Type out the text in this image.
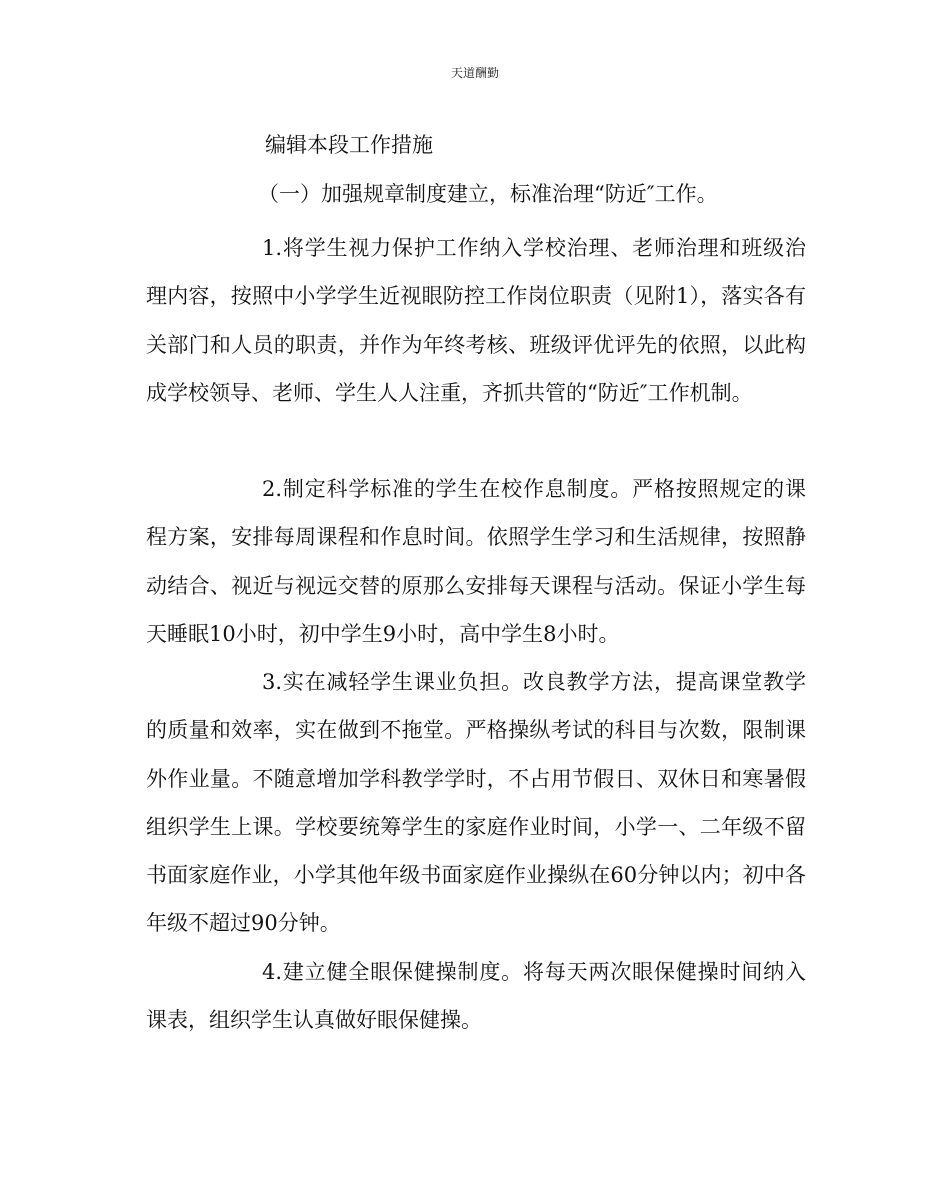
天道酬勤
编辑本段工作措施
（一）加强规章制度建立，标准治理“防近″工作。

1.将学生视力保护工作纳入学校治理、老师治理和班级治理内容，按照中小学学生近视眼防控工作岗位职责（见附1），落实各有关部门和人员的职责，并作为年终考核、班级评优评先的依照，以此构成学校领导、老师、学生人人注重，齐抓共管的“防近″工作机制。

2.制定科学标准的学生在校作息制度。严格按照规定的课程方案，安排每周课程和作息时间。依照学生学习和生活规律，按照静动结合、视近与视远交替的原那么安排每天课程与活动。保证小学生每天睡眠10小时，初中学生9小时，高中学生8小时。

3.实在减轻学生课业负担。改良教学方法，提高课堂教学的质量和效率，实在做到不拖堂。严格操纵考试的科目与次数，限制课外作业量。不随意增加学科教学学时，不占用节假日、双休日和寒暑假组织学生上课。学校要统筹学生的家庭作业时间，小学一、二年级不留书面家庭作业，小学其他年级书面家庭作业操纵在60分钟以内；初中各年级不超过90分钟。

4.建立健全眼保健操制度。将每天两次眼保健操时间纳入课表，组织学生认真做好眼保健操。
